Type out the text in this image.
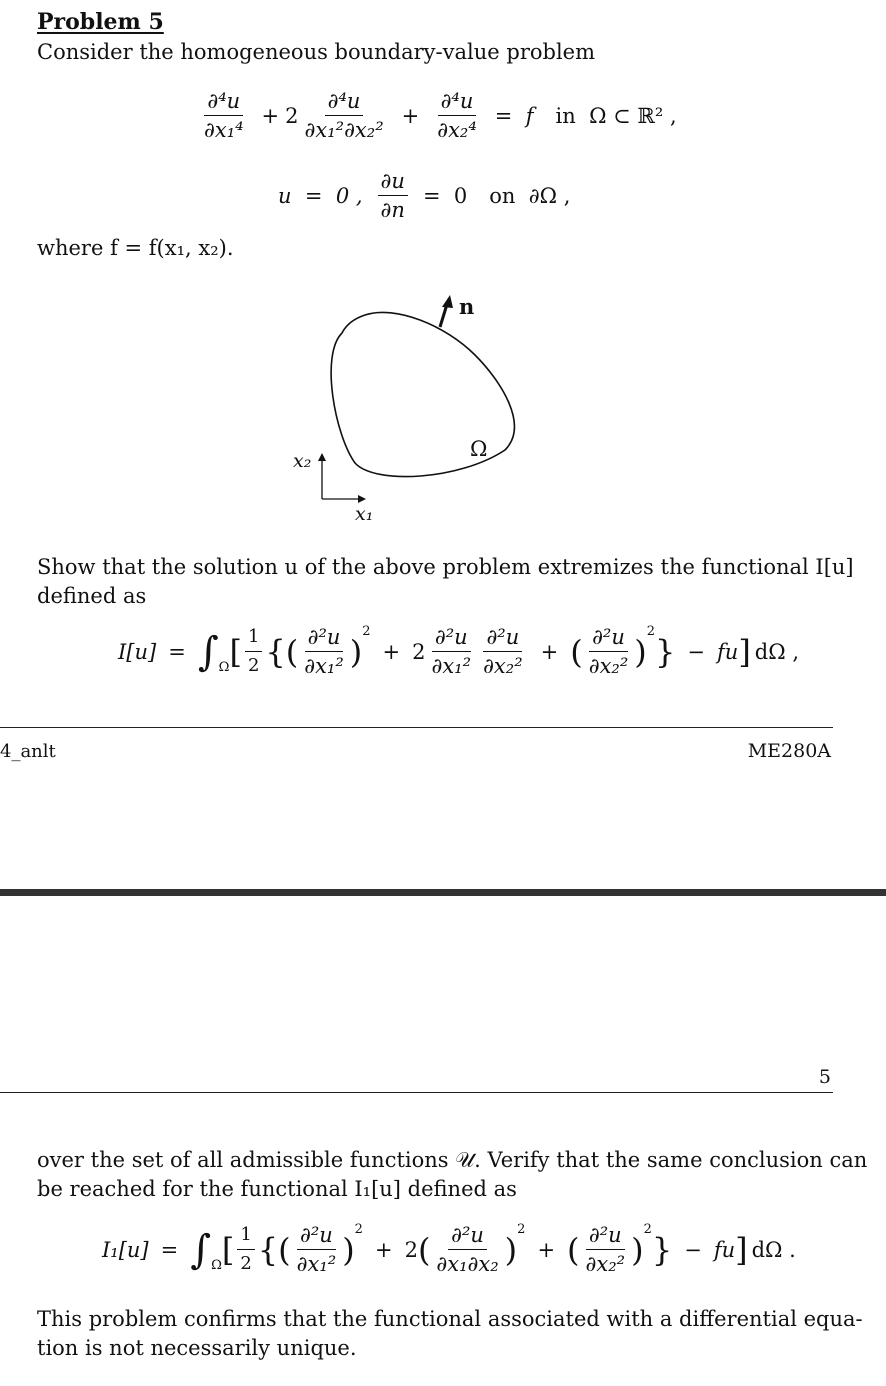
Problem 5
Consider the homogeneous boundary-value problem
$\frac{\text{∂⁴u}}{\text{∂x₁⁴}} + 2 \frac{\text{∂⁴u}}{\text{∂x₁²∂x₂²}} + \frac{\text{∂⁴u}}{\text{∂x₂⁴}} = f$ in  Ω ⊂ ℝ² ,
u  =  0 , $\frac{\partial u}{\partial n} = 0$ on  ∂Ω ,
where f = f(x₁, x₂).
n
Ω
x₂
x₁
Show that the solution u of the above problem extremizes the functional I[u]
defined as
I[u] = ∫ Ω [ $\frac{1}{2}$ { ( $\frac{\text{∂²u}}{\text{∂x₁²}}$ )
2
+ $2 \frac{\text{∂²u}}{\text{∂x₁²}} \frac{\text{∂²u}}{\text{∂x₂²}}$ + ( $\frac{\text{∂²u}}{\text{∂x₂²}}$ )
2
} − fu ] dΩ ,
4_anlt	ME280A
5
over the set of all admissible functions 𝒰. Verify that the same conclusion can
be reached for the functional I₁[u] defined as
I₁[u] = ∫ Ω [ $\frac{1}{2}$ { ( $\frac{\text{∂²u}}{\text{∂x₁²}}$ )
2
+ 2 ( $\frac{\text{∂²u}}{\text{∂x₁∂x₂}}$ )
2
+ ( $\frac{\text{∂²u}}{\text{∂x₂²}}$ )
2
} − fu ] dΩ .
This problem confirms that the functional associated with a differential equa-
tion is not necessarily unique.
